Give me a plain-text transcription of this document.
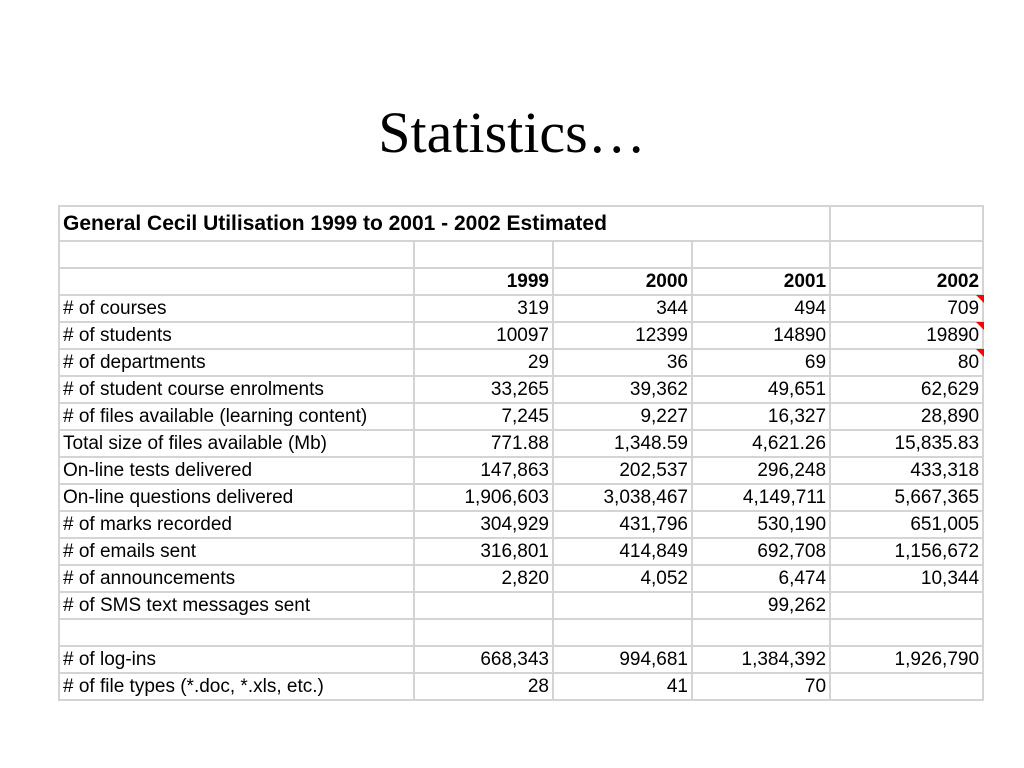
Statistics…
General Cecil Utilisation 1999 to 2001 - 2002 Estimated				

	1999	2000	2001	2002
# of courses	319	344	494	709

# of students	10097	12399	14890	19890

# of departments	29	36	69	80

# of student course enrolments	33,265	39,362	49,651	62,629
# of files available (learning content)	7,245	9,227	16,327	28,890
Total size of files available (Mb)	771.88	1,348.59	4,621.26	15,835.83
On-line tests delivered	147,863	202,537	296,248	433,318
On-line questions delivered	1,906,603	3,038,467	4,149,711	5,667,365
# of marks recorded	304,929	431,796	530,190	651,005
# of emails sent	316,801	414,849	692,708	1,156,672
# of announcements	2,820	4,052	6,474	10,344
# of SMS text messages sent			99,262	

# of log-ins	668,343	994,681	1,384,392	1,926,790
# of file types (*.doc, *.xls, etc.)	28	41	70	
